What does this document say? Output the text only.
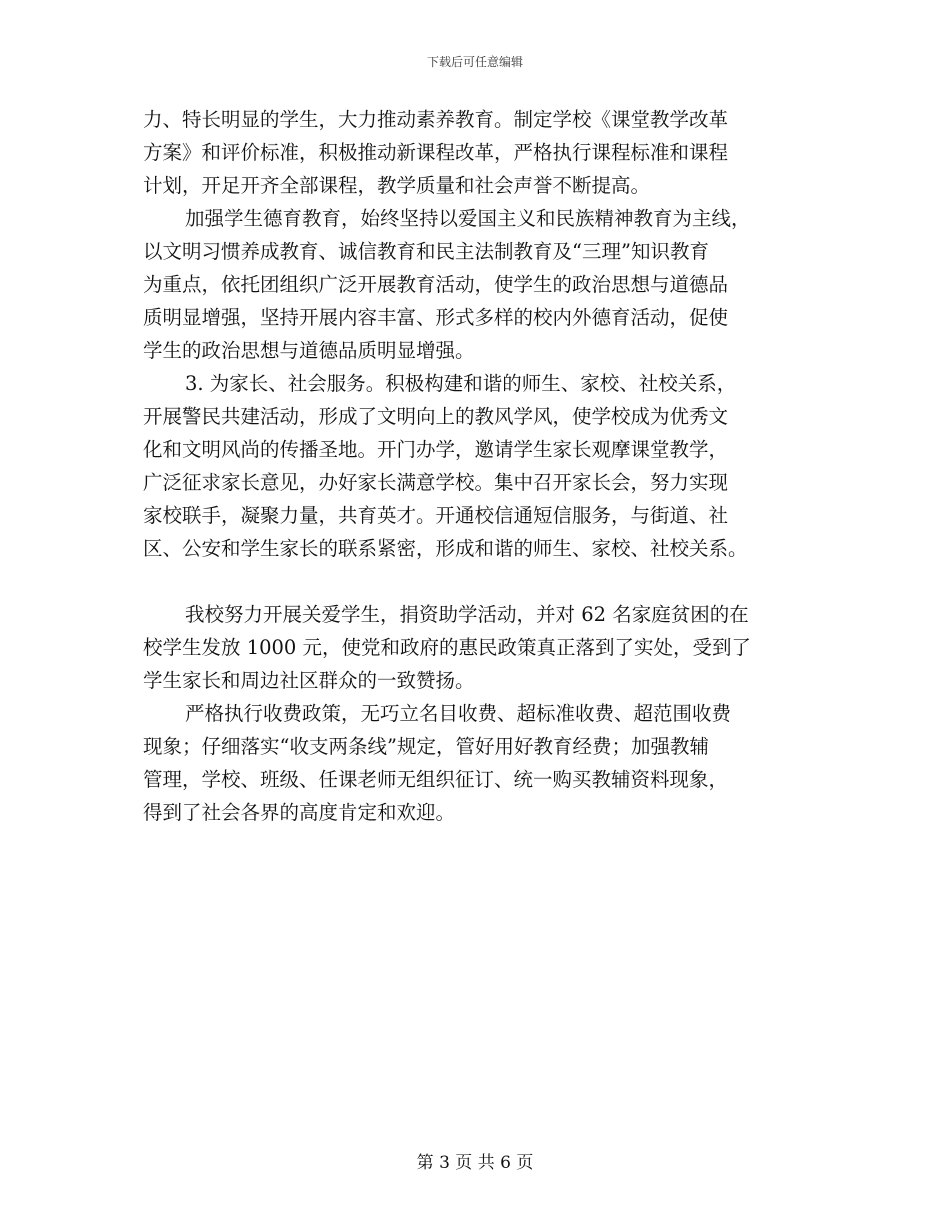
下载后可任意编辑
力、特长明显的学生，大力推动素养教育。制定学校《课堂教学改革
方案》和评价标准，积极推动新课程改革，严格执行课程标准和课程
计划，开足开齐全部课程，教学质量和社会声誉不断提高。
加强学生德育教育，始终坚持以爱国主义和民族精神教育为主线，
以文明习惯养成教育、诚信教育和民主法制教育及“三理”知识教育
为重点，依托团组织广泛开展教育活动，使学生的政治思想与道德品
质明显增强，坚持开展内容丰富、形式多样的校内外德育活动，促使
学生的政治思想与道德品质明显增强。
3. 为家长、社会服务。积极构建和谐的师生、家校、社校关系，
开展警民共建活动，形成了文明向上的教风学风，使学校成为优秀文
化和文明风尚的传播圣地。开门办学，邀请学生家长观摩课堂教学，
广泛征求家长意见，办好家长满意学校。集中召开家长会，努力实现
家校联手，凝聚力量，共育英才。开通校信通短信服务，与街道、社
区、公安和学生家长的联系紧密，形成和谐的师生、家校、社校关系。
我校努力开展关爱学生，捐资助学活动，并对 62 名家庭贫困的在
校学生发放 1000 元，使党和政府的惠民政策真正落到了实处，受到了
学生家长和周边社区群众的一致赞扬。
严格执行收费政策，无巧立名目收费、超标准收费、超范围收费
现象；仔细落实“收支两条线”规定，管好用好教育经费；加强教辅
管理，学校、班级、任课老师无组织征订、统一购买教辅资料现象，
得到了社会各界的高度肯定和欢迎。
第 3 页 共 6 页
